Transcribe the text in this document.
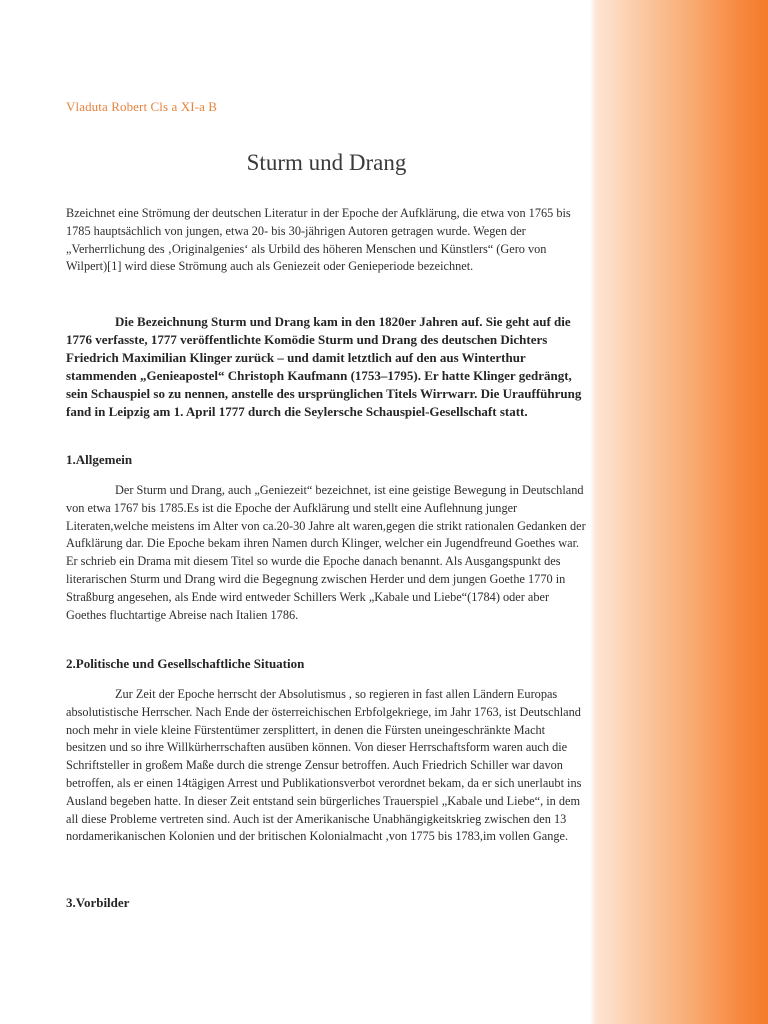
Vladuta Robert Cls a XI-a B
Sturm und Drang

Bzeichnet eine Strömung der deutschen Literatur in der Epoche der Aufklärung, die etwa von 1765 bis 1785 hauptsächlich von jungen, etwa 20- bis 30-jährigen Autoren getragen wurde. Wegen der „Verherrlichung des ‚Originalgenies‘ als Urbild des höheren Menschen und Künstlers“ (Gero von Wilpert)[1] wird diese Strömung auch als Geniezeit oder Genieperiode bezeichnet.

Die Bezeichnung Sturm und Drang kam in den 1820er Jahren auf. Sie geht auf die 1776 verfasste, 1777 veröffentlichte Komödie Sturm und Drang des deutschen Dichters Friedrich Maximilian Klinger zurück – und damit letztlich auf den aus Winterthur stammenden „Genieapostel“ Christoph Kaufmann (1753–1795). Er hatte Klinger gedrängt, sein Schauspiel so zu nennen, anstelle des ursprünglichen Titels Wirrwarr. Die Uraufführung fand in Leipzig am 1. April 1777 durch die Seylersche Schauspiel-Gesellschaft statt.

1.Allgemein

Der Sturm und Drang, auch „Geniezeit“ bezeichnet, ist eine geistige Bewegung in Deutschland von etwa 1767 bis 1785.Es ist die Epoche der Aufklärung und stellt eine Auflehnung junger Literaten,welche meistens im Alter von ca.20-30 Jahre alt waren,gegen die strikt rationalen Gedanken der Aufklärung dar. Die Epoche bekam ihren Namen durch Klinger, welcher ein Jugendfreund Goethes war. Er schrieb ein Drama mit diesem Titel so wurde die Epoche danach benannt. Als Ausgangspunkt des literarischen Sturm und Drang wird die Begegnung zwischen Herder und dem jungen Goethe 1770 in Straßburg angesehen, als Ende wird entweder Schillers Werk „Kabale und Liebe“(1784) oder aber Goethes fluchtartige Abreise nach Italien 1786.

2.Politische und Gesellschaftliche Situation

Zur Zeit der Epoche herrscht der Absolutismus , so regieren in fast allen Ländern Europas absolutistische Herrscher. Nach Ende der österreichischen Erbfolgekriege, im Jahr 1763, ist Deutschland noch mehr in viele kleine Fürstentümer zersplittert, in denen die Fürsten uneingeschränkte Macht besitzen und so ihre Willkürherrschaften ausüben können. Von dieser Herrschaftsform waren auch die Schriftsteller in großem Maße durch die strenge Zensur betroffen. Auch Friedrich Schiller war davon betroffen, als er einen 14tägigen Arrest und Publikationsverbot verordnet bekam, da er sich unerlaubt ins Ausland begeben hatte. In dieser Zeit entstand sein bürgerliches Trauerspiel „Kabale und Liebe“, in dem all diese Probleme vertreten sind. Auch ist der Amerikanische Unabhängigkeitskrieg zwischen den 13 nordamerikanischen Kolonien und der britischen Kolonialmacht ,von 1775 bis 1783,im vollen Gange.

3.Vorbilder
